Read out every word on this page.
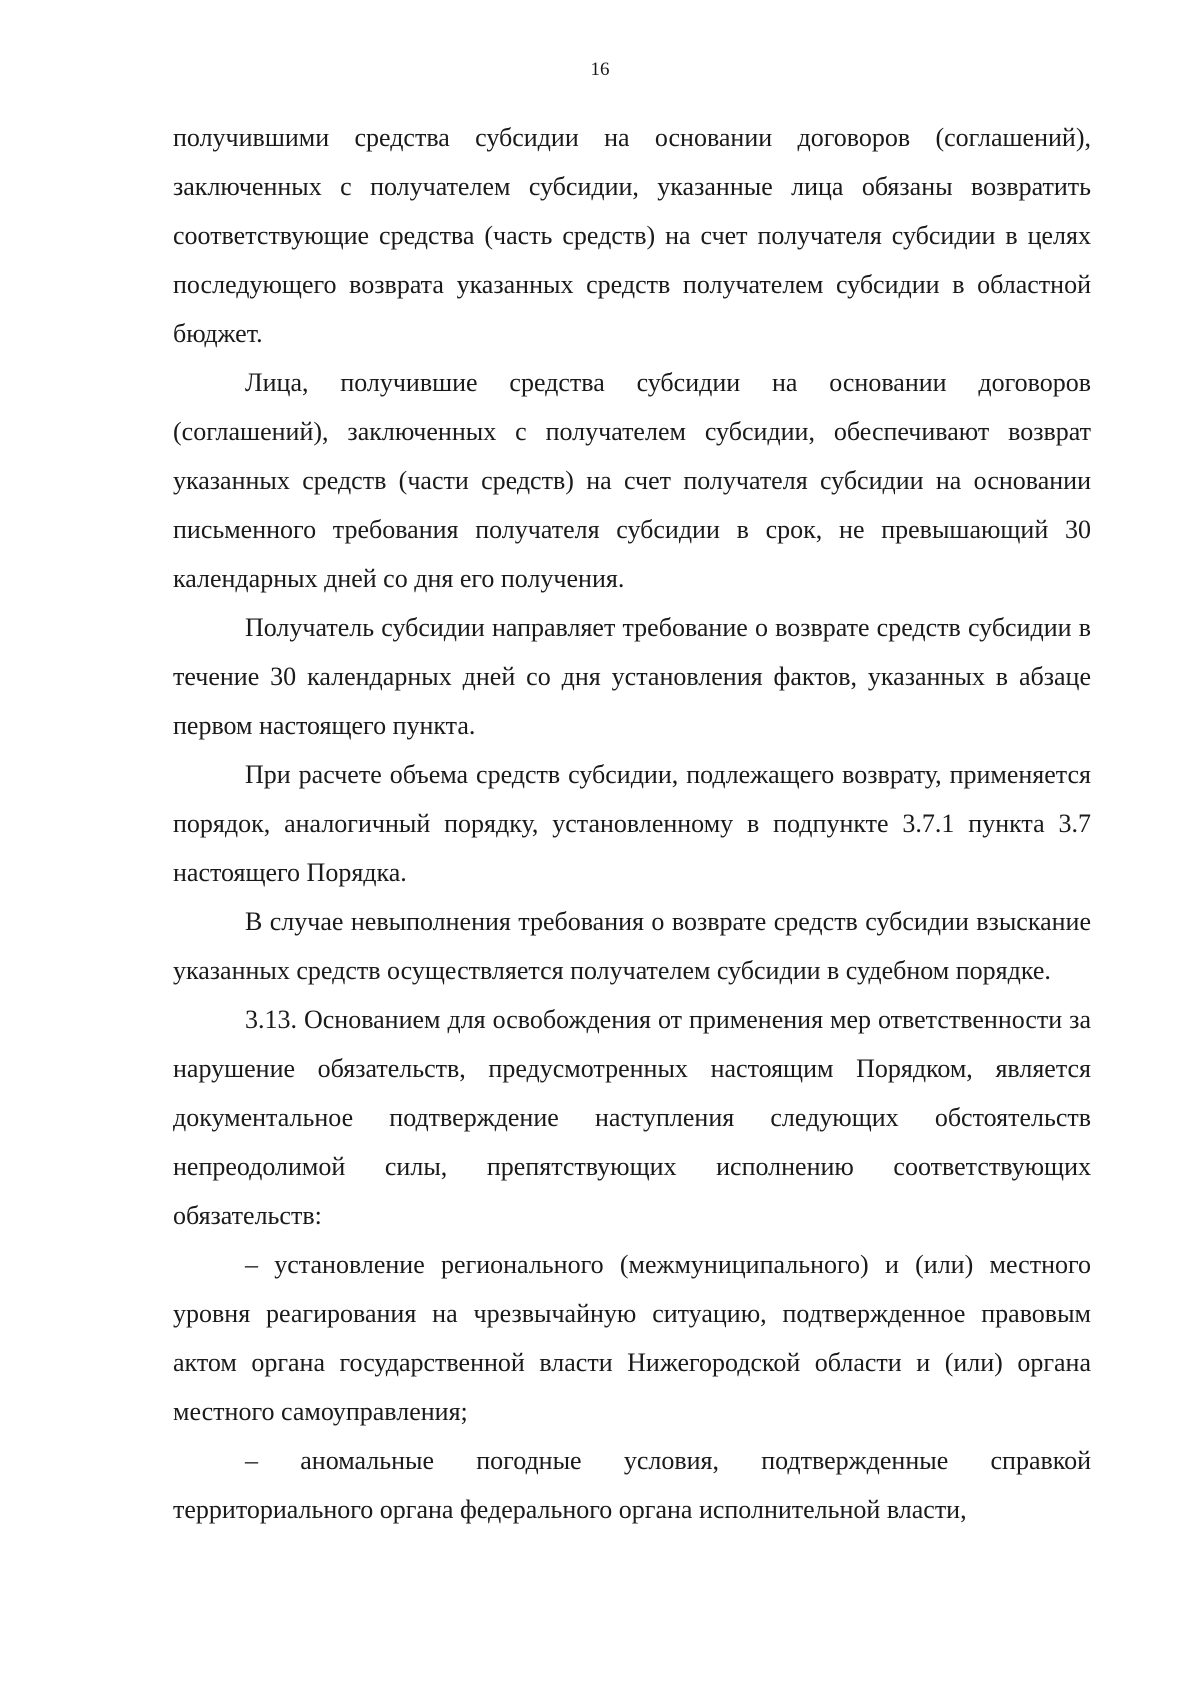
16

получившими средства субсидии на основании договоров (соглашений), заключенных с получателем субсидии, указанные лица обязаны возвратить соответствующие средства (часть средств) на счет получателя субсидии в целях последующего возврата указанных средств получателем субсидии в областной бюджет.

Лица, получившие средства субсидии на основании договоров (соглашений), заключенных с получателем субсидии, обеспечивают возврат указанных средств (части средств) на счет получателя субсидии на основании письменного требования получателя субсидии в срок, не превышающий 30 календарных дней со дня его получения.

Получатель субсидии направляет требование о возврате средств субсидии в течение 30 календарных дней со дня установления фактов, указанных в абзаце первом настоящего пункта.

При расчете объема средств субсидии, подлежащего возврату, применяется порядок, аналогичный порядку, установленному в подпункте 3.7.1 пункта 3.7 настоящего Порядка.

В случае невыполнения требования о возврате средств субсидии взыскание указанных средств осуществляется получателем субсидии в судебном порядке.

3.13. Основанием для освобождения от применения мер ответственности за нарушение обязательств, предусмотренных настоящим Порядком, является документальное подтверждение наступления следующих обстоятельств непреодолимой силы, препятствующих исполнению соответствующих обязательств:

– установление регионального (межмуниципального) и (или) местного уровня реагирования на чрезвычайную ситуацию, подтвержденное правовым актом органа государственной власти Нижегородской области и (или) органа местного самоуправления;

– аномальные погодные условия, подтвержденные справкой территориального органа федерального органа исполнительной власти,
